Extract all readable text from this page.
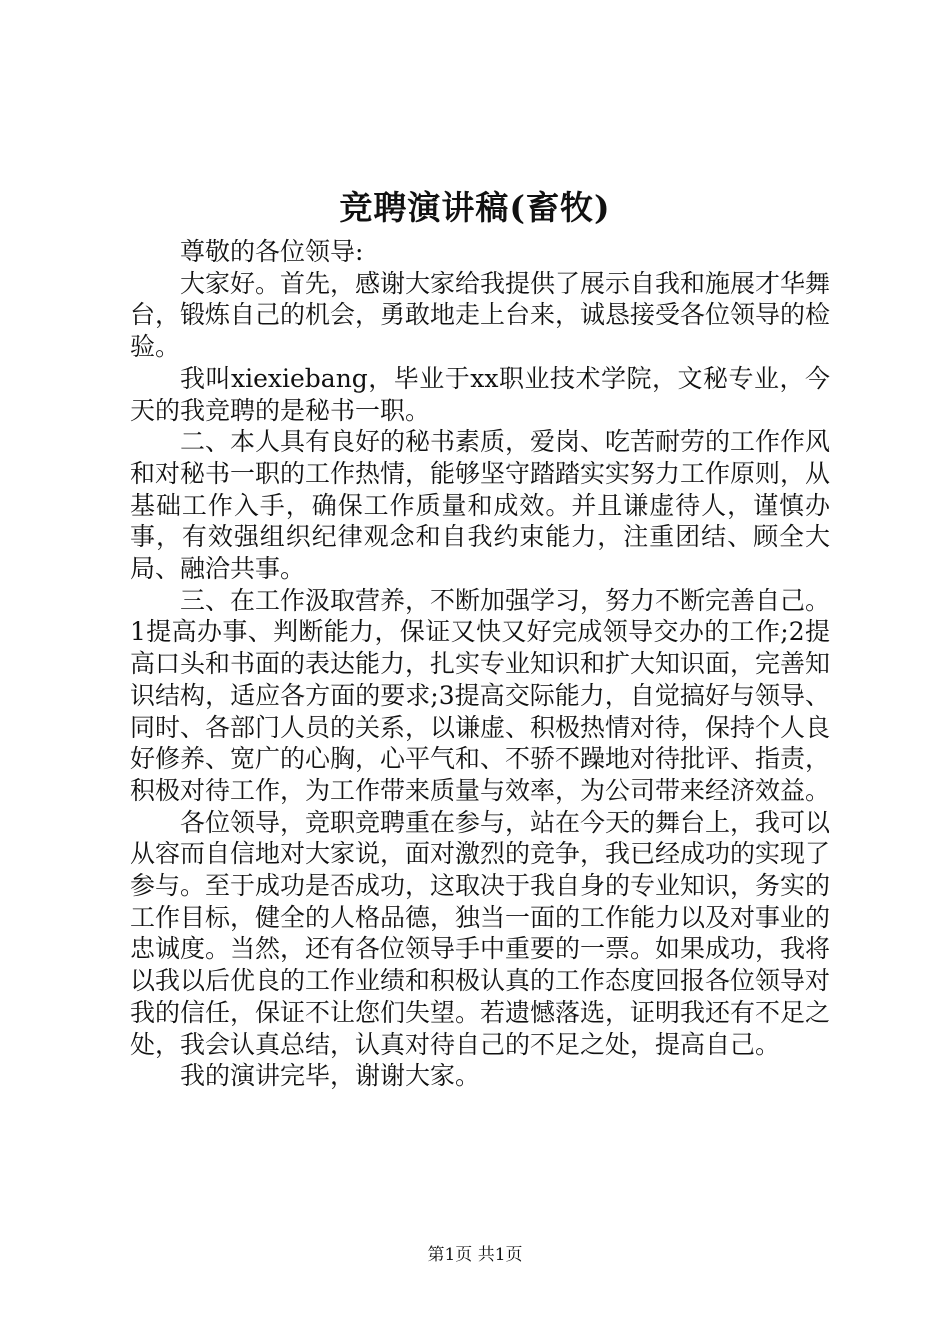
竞聘演讲稿(畜牧)

尊敬的各位领导:

大家好。首先，感谢大家给我提供了展示自我和施展才华舞台，锻炼自己的机会，勇敢地走上台来，诚恳接受各位领导的检验。

我叫xiexiebang，毕业于xx职业技术学院，文秘专业，今天的我竞聘的是秘书一职。

二、本人具有良好的秘书素质，爱岗、吃苦耐劳的工作作风和对秘书一职的工作热情，能够坚守踏踏实实努力工作原则，从基础工作入手，确保工作质量和成效。并且谦虚待人，谨慎办事，有效强组织纪律观念和自我约束能力，注重团结、顾全大局、融洽共事。

三、在工作汲取营养，不断加强学习，努力不断完善自己。1提高办事、判断能力，保证又快又好完成领导交办的工作;2提高口头和书面的表达能力，扎实专业知识和扩大知识面，完善知识结构，适应各方面的要求;3提高交际能力，自觉搞好与领导、同时、各部门人员的关系，以谦虚、积极热情对待，保持个人良好修养、宽广的心胸，心平气和、不骄不躁地对待批评、指责，积极对待工作，为工作带来质量与效率，为公司带来经济效益。

各位领导，竞职竞聘重在参与，站在今天的舞台上，我可以从容而自信地对大家说，面对激烈的竞争，我已经成功的实现了参与。至于成功是否成功，这取决于我自身的专业知识，务实的工作目标，健全的人格品德，独当一面的工作能力以及对事业的忠诚度。当然，还有各位领导手中重要的一票。如果成功，我将以我以后优良的工作业绩和积极认真的工作态度回报各位领导对我的信任，保证不让您们失望。若遗憾落选，证明我还有不足之处，我会认真总结，认真对待自己的不足之处，提高自己。

我的演讲完毕，谢谢大家。

第1页 共1页
